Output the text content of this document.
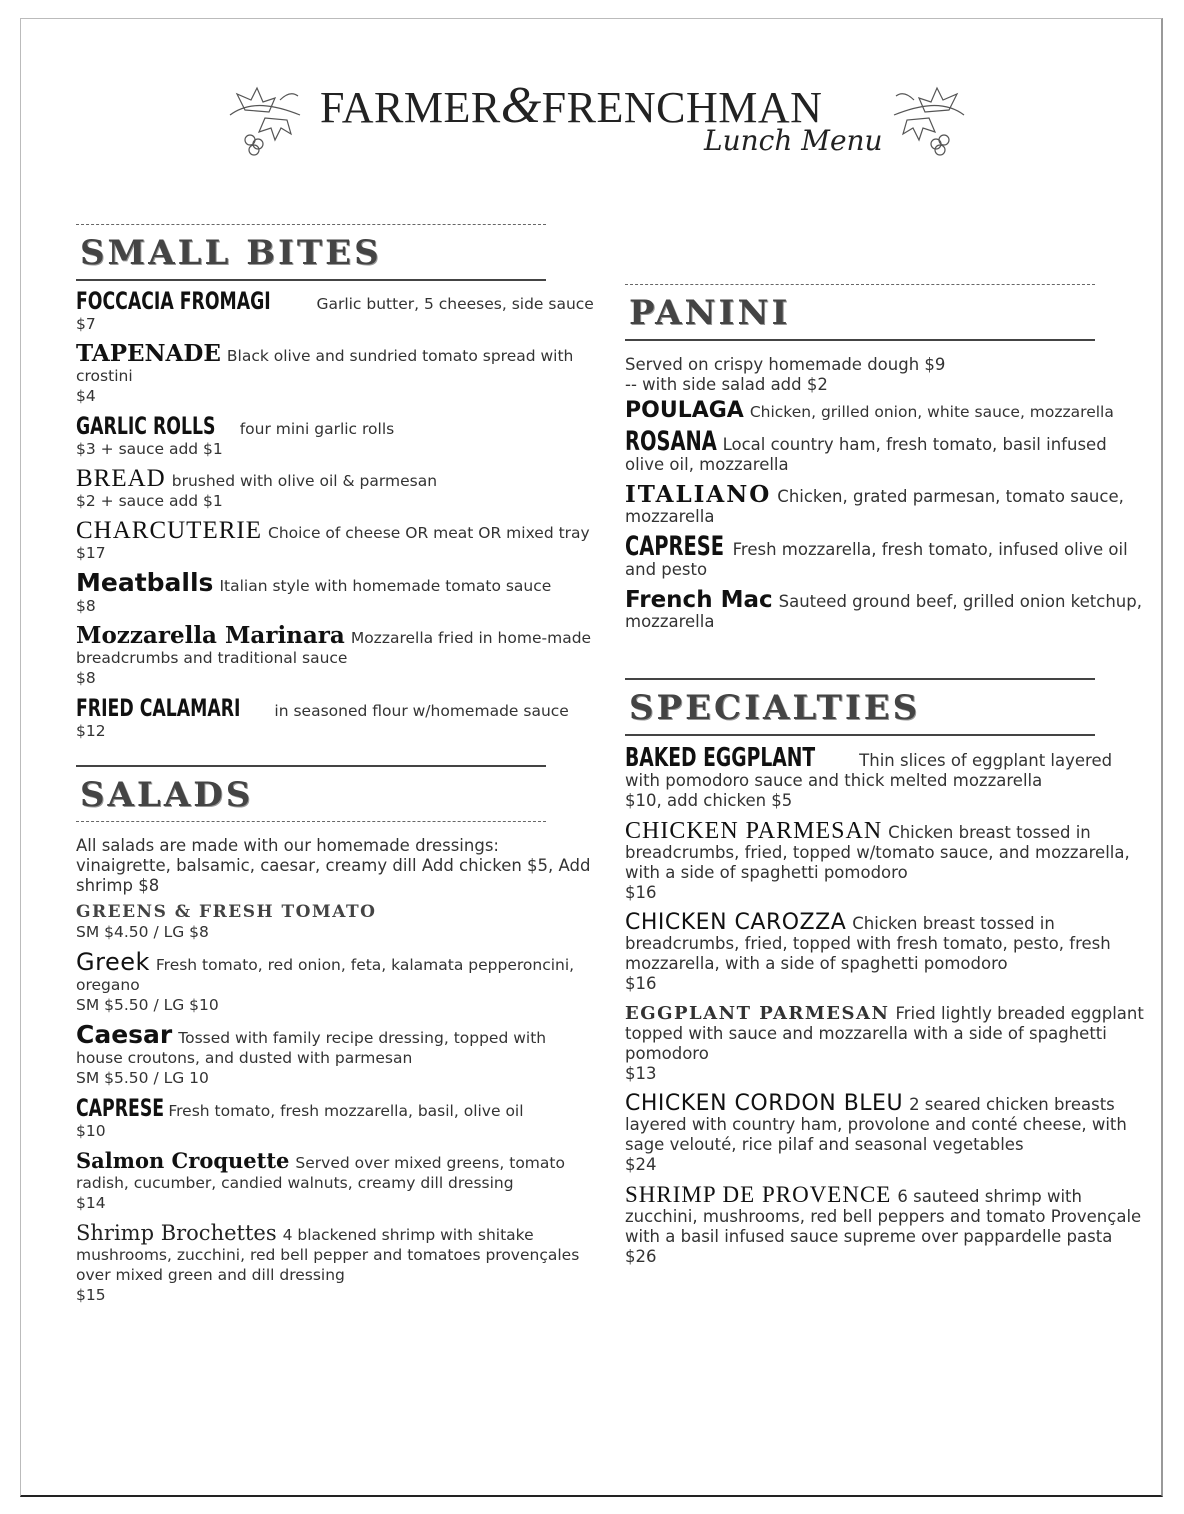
FARMER&FRENCHMAN
Lunch Menu
SMALL BITES
FOCCACIA FROMAGI	Garlic butter, 5 cheeses, side sauce
$7
TAPENADE Black olive and sundried tomato spread with crostini
$4
GARLIC ROLLS four mini garlic rolls
$3 + sauce add $1
BREAD brushed with olive oil & parmesan
$2 + sauce add $1
CHARCUTERIE Choice of cheese OR meat OR mixed tray
$17
Meatballs Italian style with homemade tomato sauce
$8
Mozzarella Marinara Mozzarella fried in home-made breadcrumbs and traditional sauce
$8
FRIED CALAMARI in seasoned flour w/homemade sauce
$12
SALADS
All salads are made with our homemade dressings: vinaigrette, balsamic, caesar, creamy dill Add chicken $5, Add shrimp $8
GREENS & FRESH TOMATO
SM $4.50 / LG $8
Greek Fresh tomato, red onion, feta, kalamata pepperoncini, oregano
SM $5.50 / LG $10
Caesar Tossed with family recipe dressing, topped with house croutons, and dusted with parmesan
SM $5.50 / LG 10
CAPRESE Fresh tomato, fresh mozzarella, basil, olive oil
$10
Salmon Croquette Served over mixed greens, tomato radish, cucumber, candied walnuts, creamy dill dressing
$14
Shrimp Brochettes 4 blackened shrimp with shitake mushrooms, zucchini, red bell pepper and tomatoes provençales over mixed green and dill dressing
$15
PANINI
Served on crispy homemade dough $9 -- with side salad add $2
POULAGA Chicken, grilled onion, white sauce, mozzarella
ROSANA Local country ham, fresh tomato, basil infused olive oil, mozzarella
ITALIANO Chicken, grated parmesan, tomato sauce, mozzarella
CAPRESE Fresh mozzarella, fresh tomato, infused olive oil and pesto
French Mac Sauteed ground beef, grilled onion ketchup, mozzarella
SPECIALTIES
BAKED EGGPLANT	Thin slices of eggplant layered with pomodoro sauce and thick melted mozzarella
$10, add chicken $5
CHICKEN PARMESAN Chicken breast tossed in breadcrumbs, fried, topped w/tomato sauce, and mozzarella, with a side of spaghetti pomodoro
$16
CHICKEN CAROZZA Chicken breast tossed in breadcrumbs, fried, topped with fresh tomato, pesto, fresh mozzarella, with a side of spaghetti pomodoro
$16
EGGPLANT PARMESAN Fried lightly breaded eggplant topped with sauce and mozzarella with a side of spaghetti pomodoro
$13
CHICKEN CORDON BLEU 2 seared chicken breasts layered with country ham, provolone and conté cheese, with sage velouté, rice pilaf and seasonal vegetables
$24
SHRIMP DE PROVENCE 6 sauteed shrimp with zucchini, mushrooms, red bell peppers and tomato Provençale with a basil infused sauce supreme over pappardelle pasta
$26
